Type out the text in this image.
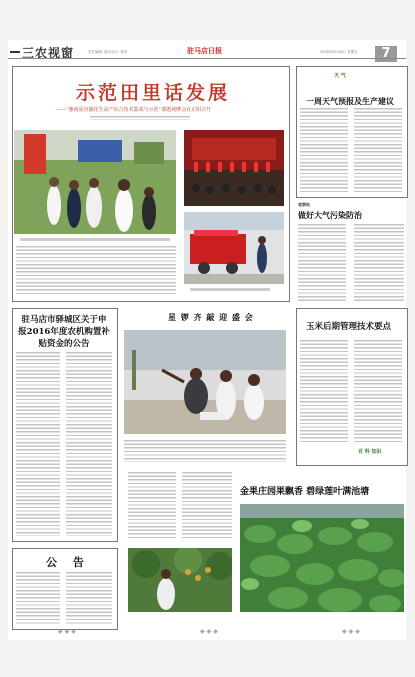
三农视窗	责任编辑 ·版式设计 ·校对	驻马店日报	2016年8月26日 星期五	7
示范田里话发展
——“豫南夏直播花生高产综合技术集成与示范”课题观摩会在正阳召开
天 气
一周天气预报及生产建议
观察站
做好大气污染防治
驻马店市驿城区关于申报2016年度农机购置补贴资金的公告
星 锣 齐 敲 迎 盛 会
玉米后期管理技术要点
百 科 知识
金果庄园果飘香 碧绿莲叶满池塘
公 告
◆◆◆	◆◆◆	◆◆◆
